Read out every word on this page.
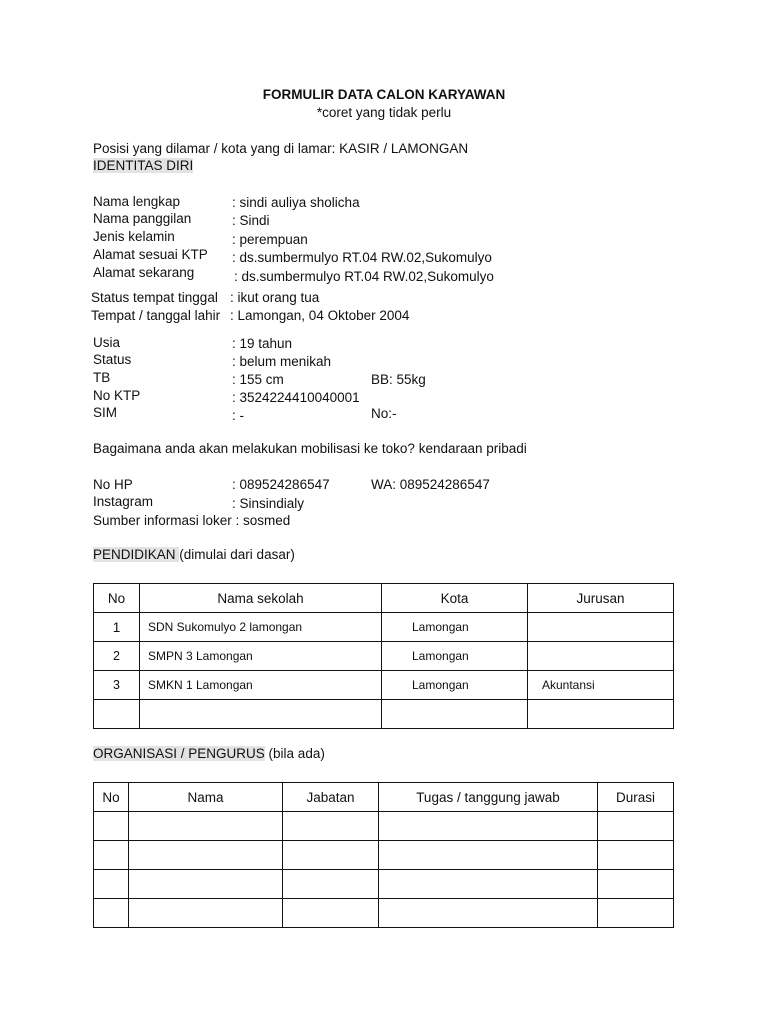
FORMULIR DATA CALON KARYAWAN
*coret yang tidak perlu
Posisi yang dilamar / kota yang di lamar: KASIR / LAMONGAN
IDENTITAS DIRI
Nama lengkap	: sindi auliya sholicha
Nama panggilan	: Sindi
Jenis kelamin	: perempuan
Alamat sesuai KTP : ds.sumbermulyo RT.04 RW.02,Sukomulyo
Alamat sekarang	: ds.sumbermulyo RT.04 RW.02,Sukomulyo
Status tempat tinggal : ikut orang tua
Tempat / tanggal lahir : Lamongan, 04 Oktober 2004
Usia	: 19 tahun
Status	: belum menikah
TB	: 155 cm	BB: 55kg
No KTP	: 3524224410040001
SIM	: -	No:-
Bagaimana anda akan melakukan mobilisasi ke toko? kendaraan pribadi
No HP	: 089524286547	WA: 089524286547
Instagram	: Sinsindialy
Sumber informasi loker : sosmed
PENDIDIKAN (dimulai dari dasar)
No	Nama sekolah	Kota	Jurusan
1	SDN Sukomulyo 2 lamongan	Lamongan	
2	SMPN 3 Lamongan	Lamongan	
3	SMKN 1 Lamongan	Lamongan	Akuntansi

ORGANISASI / PENGURUS (bila ada)
No	Nama	Jabatan	Tugas / tanggung jawab	Durasi
